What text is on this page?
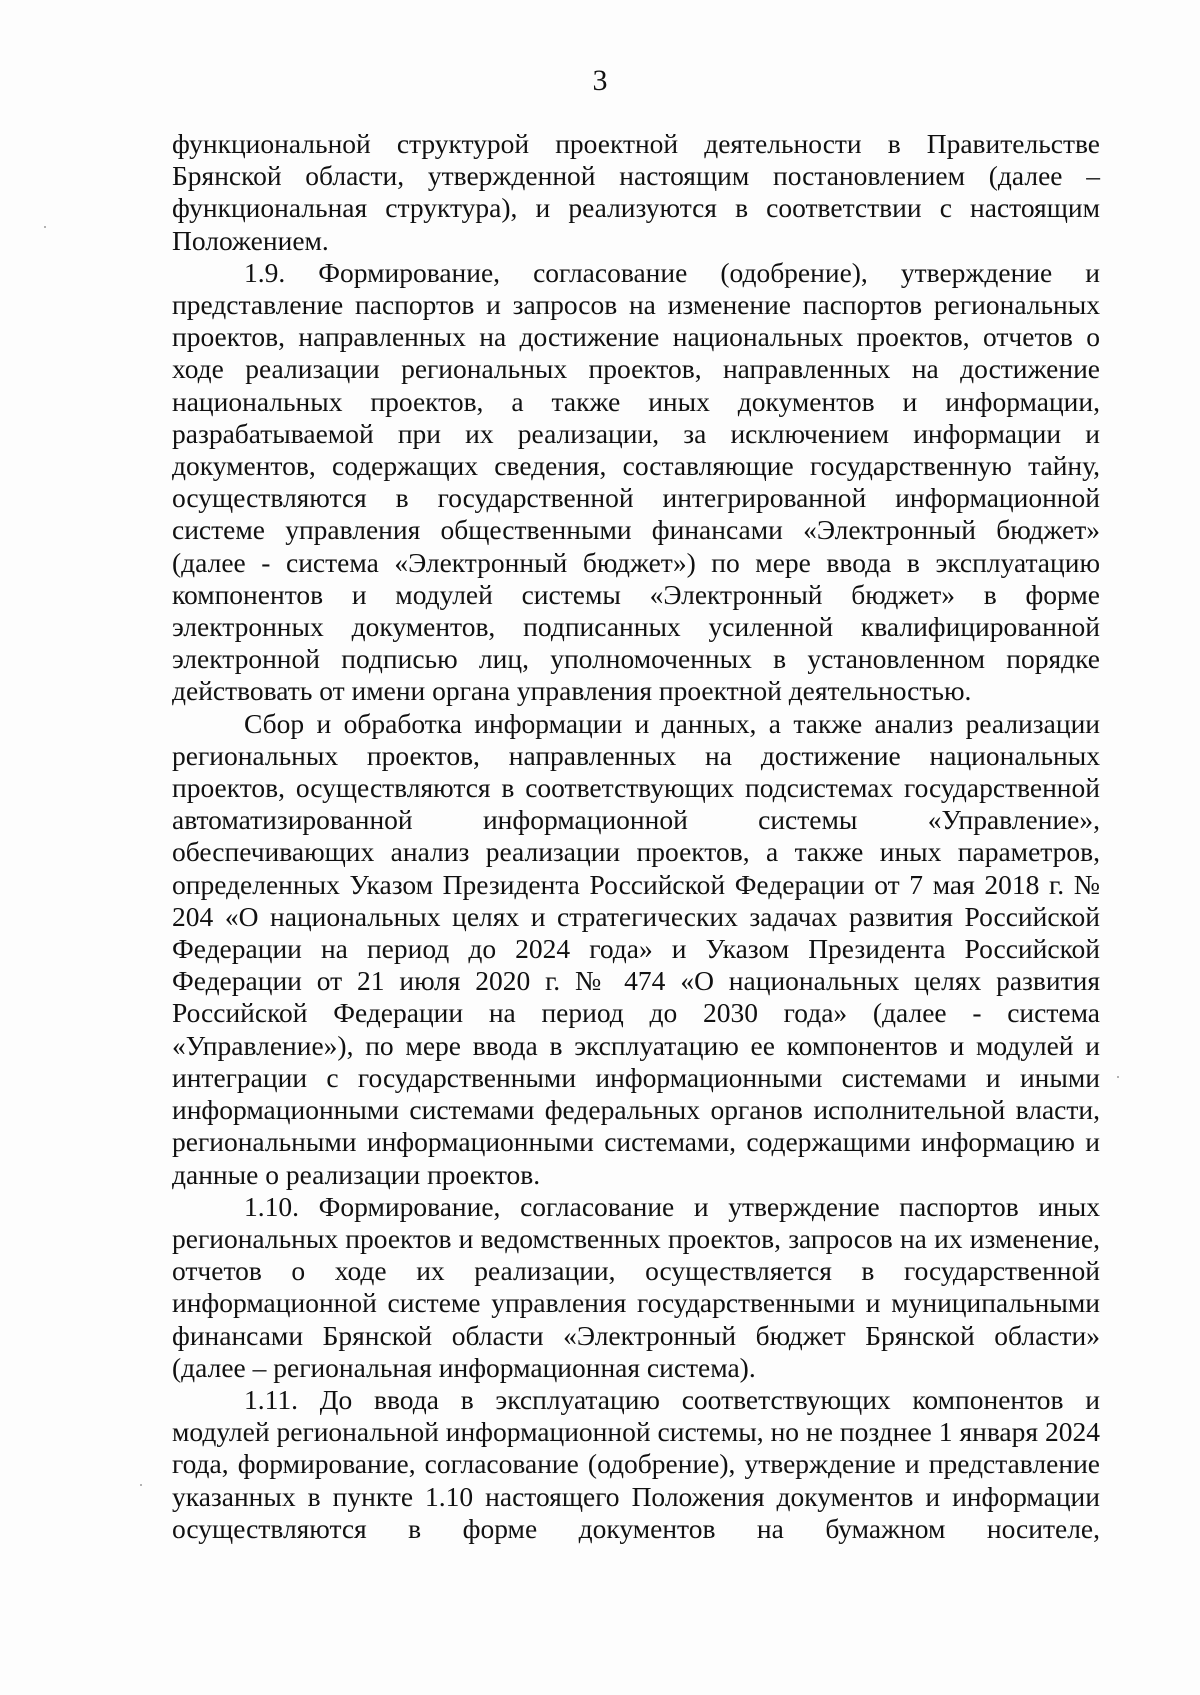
3

функциональной структурой проектной деятельности в Правительстве Брянской области, утвержденной настоящим постановлением (далее – функциональная структура), и реализуются в соответствии с настоящим Положением.

1.9. Формирование, согласование (одобрение), утверждение и представление паспортов и запросов на изменение паспортов региональных проектов, направленных на достижение национальных проектов, отчетов о ходе реализации региональных проектов, направленных на достижение национальных проектов, а также иных документов и информации, разрабатываемой при их реализации, за исключением информации и документов, содержащих сведения, составляющие государственную тайну, осуществляются в государственной интегрированной информационной системе управления общественными финансами «Электронный бюджет» (далее - система «Электронный бюджет») по мере ввода в эксплуатацию компонентов и модулей системы «Электронный бюджет» в форме электронных документов, подписанных усиленной квалифицированной электронной подписью лиц, уполномоченных в установленном порядке действовать от имени органа управления проектной деятельностью.

Сбор и обработка информации и данных, а также анализ реализации региональных проектов, направленных на достижение национальных проектов, осуществляются в соответствующих подсистемах государственной автоматизированной информационной системы «Управление», обеспечивающих анализ реализации проектов, а также иных параметров, определенных Указом Президента Российской Федерации от 7 мая 2018 г. № 204 «О национальных целях и стратегических задачах развития Российской Федерации на период до 2024 года» и Указом Президента Российской Федерации от 21 июля 2020 г. № 474 «О национальных целях развития Российской Федерации на период до 2030 года» (далее - система «Управление»), по мере ввода в эксплуатацию ее компонентов и модулей и интеграции с государственными информационными системами и иными информационными системами федеральных органов исполнительной власти, региональными информационными системами, содержащими информацию и данные о реализации проектов.

1.10. Формирование, согласование и утверждение паспортов иных региональных проектов и ведомственных проектов, запросов на их изменение, отчетов о ходе их реализации, осуществляется в государственной информационной системе управления государственными и муниципальными финансами Брянской области «Электронный бюджет Брянской области» (далее – региональная информационная система).

1.11. До ввода в эксплуатацию соответствующих компонентов и модулей региональной информационной системы, но не позднее 1 января 2024 года, формирование, согласование (одобрение), утверждение и представление указанных в пункте 1.10 настоящего Положения документов и информации осуществляются в форме документов на бумажном носителе,
